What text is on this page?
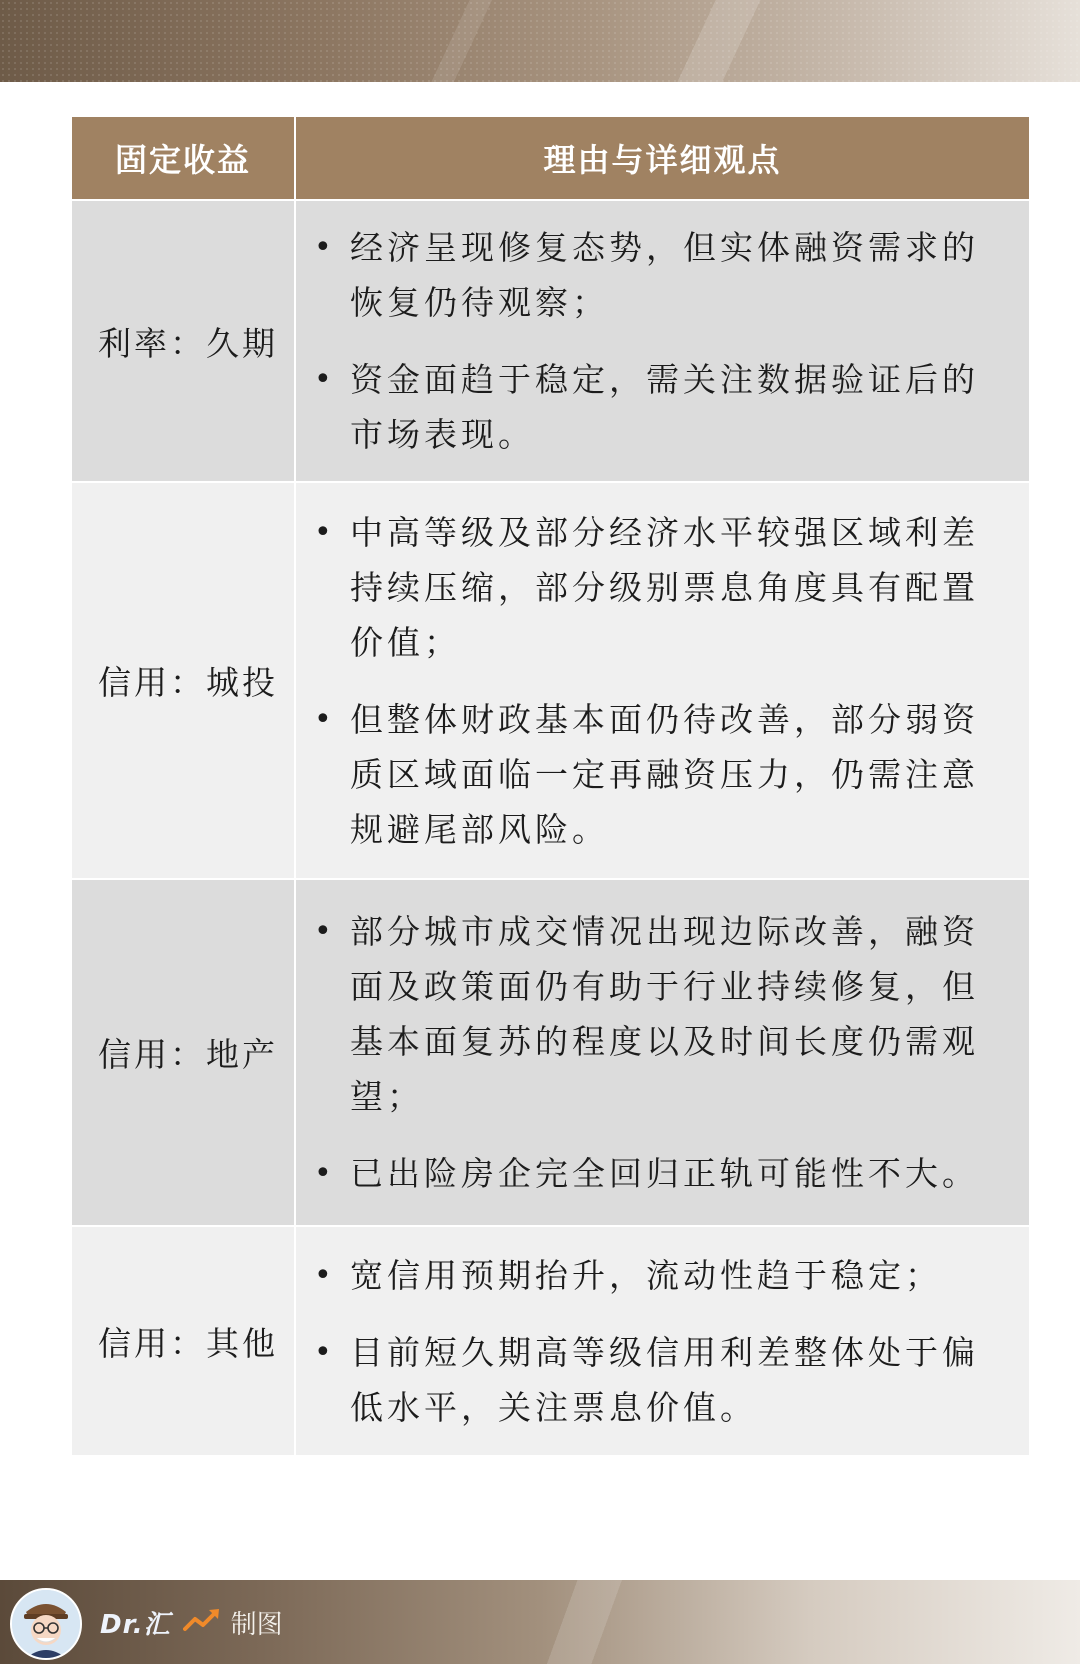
固定收益	理由与详细观点
利率：久期
• 经济呈现修复态势，但实体融资需求的恢复仍待观察；
• 资金面趋于稳定，需关注数据验证后的市场表现。
信用：城投
• 中高等级及部分经济水平较强区域利差持续压缩，部分级别票息角度具有配置价值；
• 但整体财政基本面仍待改善，部分弱资质区域面临一定再融资压力，仍需注意规避尾部风险。
信用：地产
• 部分城市成交情况出现边际改善，融资面及政策面仍有助于行业持续修复，但基本面复苏的程度以及时间长度仍需观望；
• 已出险房企完全回归正轨可能性不大。
信用：其他
• 宽信用预期抬升，流动性趋于稳定；
• 目前短久期高等级信用利差整体处于偏低水平，关注票息价值。
Dr.汇 制图
